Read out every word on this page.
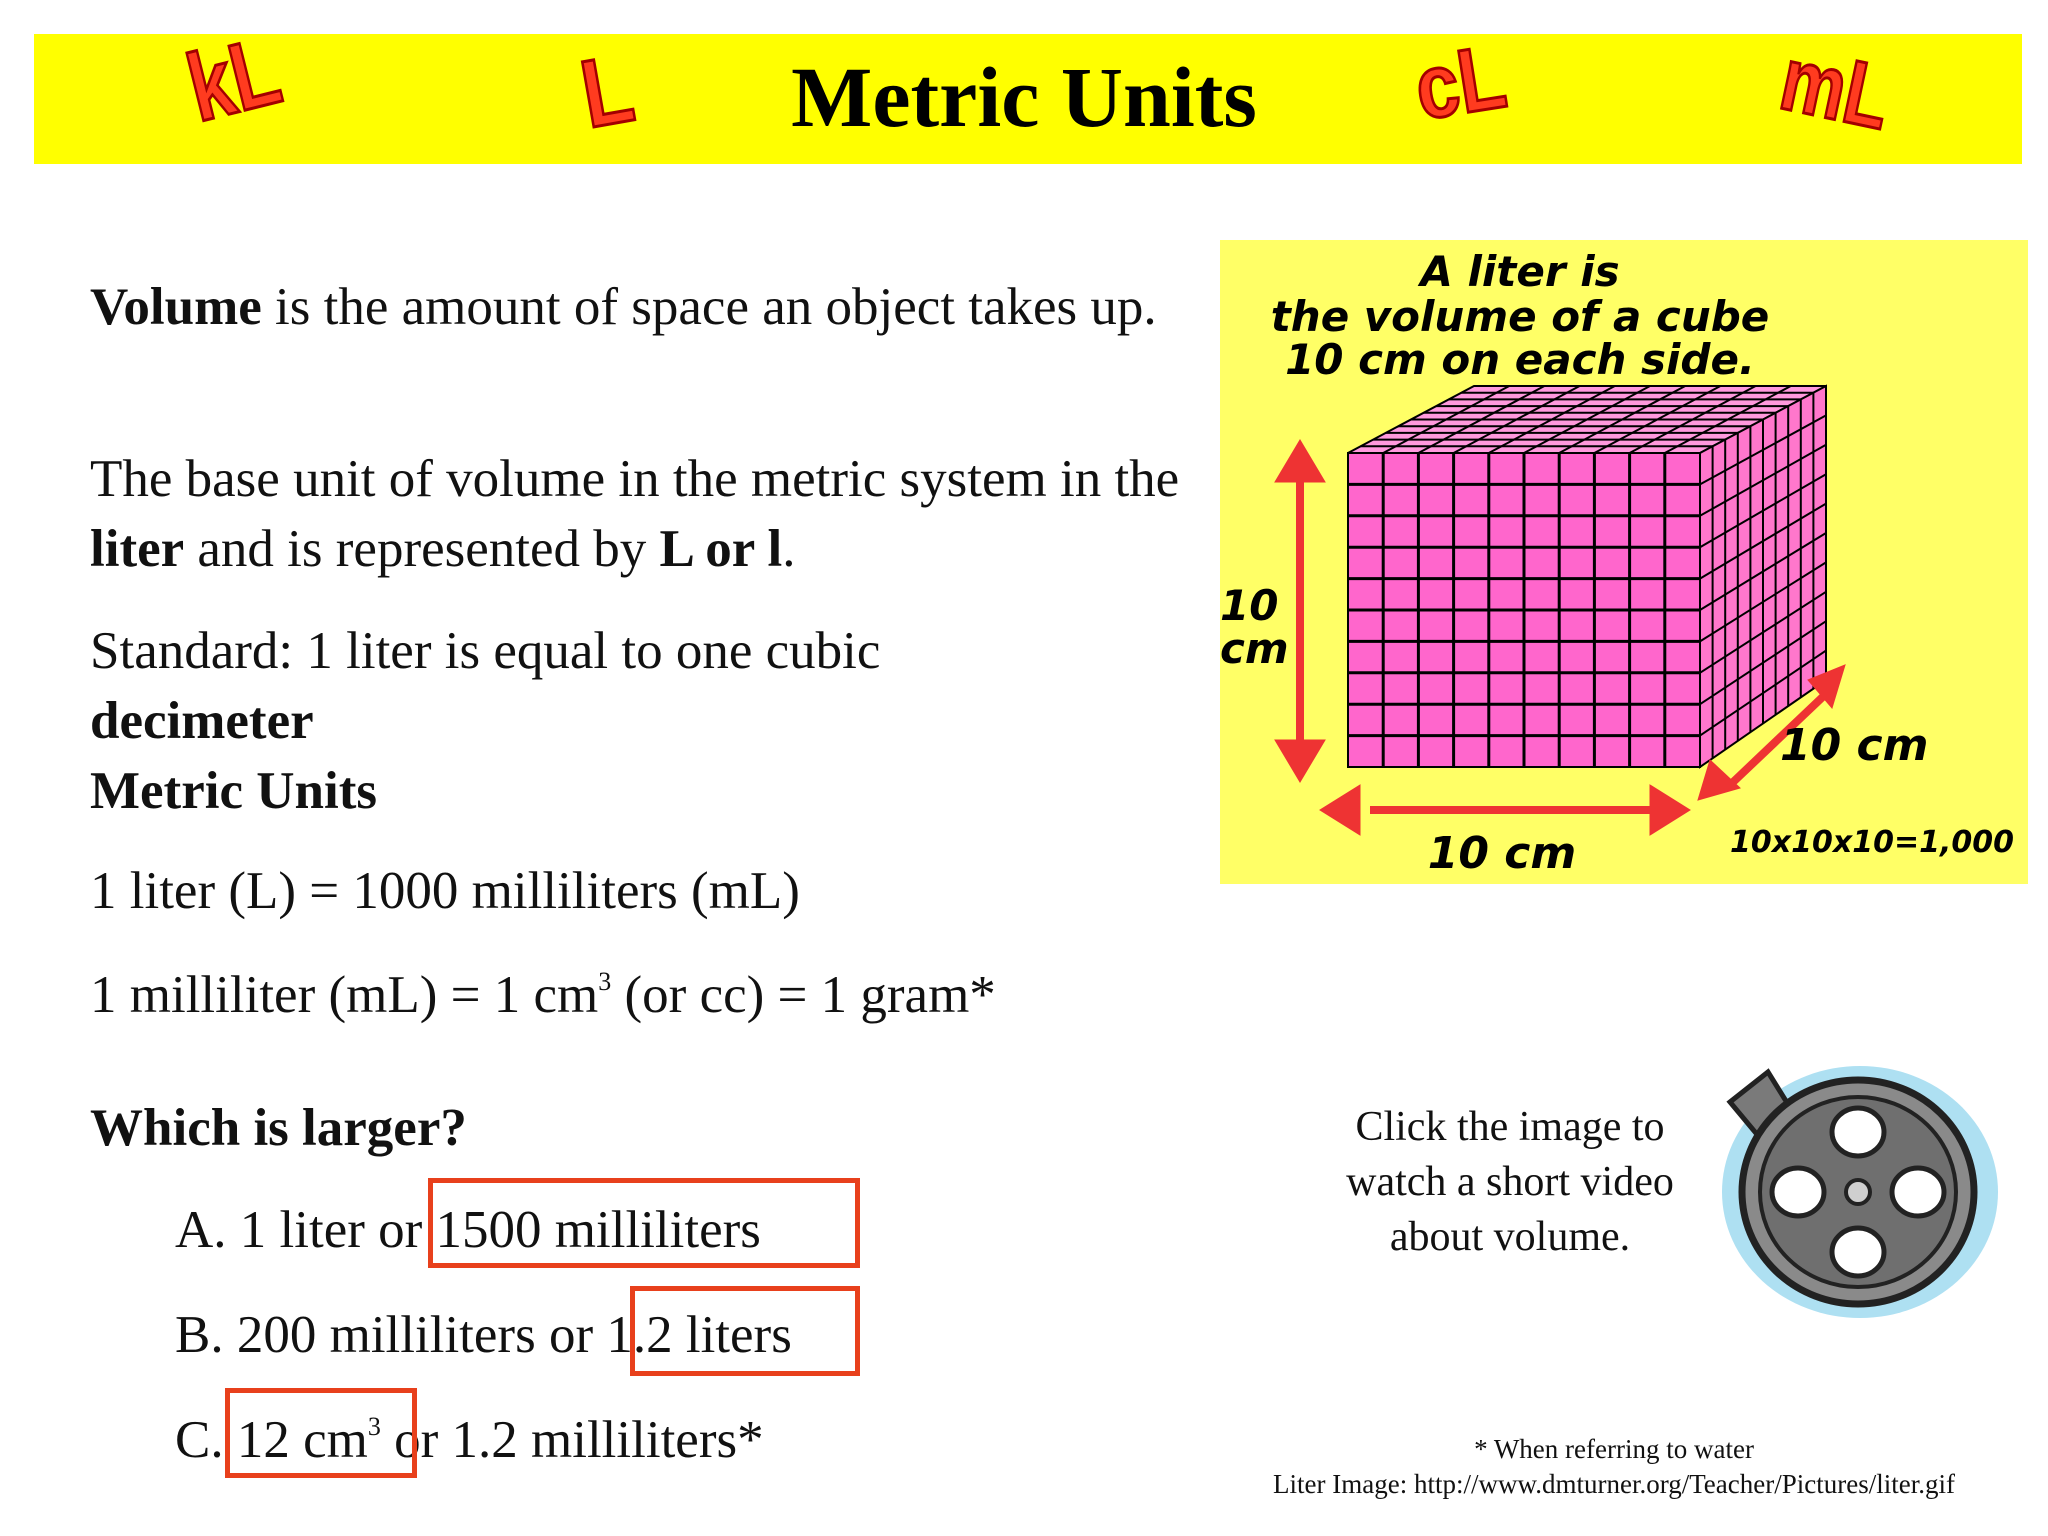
kL	L	Metric Units	cL	mL
Volume is the amount of space an object takes up.
The base unit of volume in the metric system in the liter and is represented by L or l.
Standard: 1 liter is equal to one cubic decimeter
Metric Units
1 liter (L) = 1000 milliliters (mL)
1 milliliter (mL) = 1 $cm^3$ (or cc) = 1 gram*
Which is larger?
A. 1 liter or 1500 milliliters
B. 200 milliliters or 1.2 liters
C. 12 $cm^3$ or 1.2 milliliters*
A liter is
the volume of a cube
10 cm on each side.
10
cm
10 cm
10 cm
10x10x10=1,000
Click the image to
watch a short video
about volume.
* When referring to water
Liter Image: http://www.dmturner.org/Teacher/Pictures/liter.gif
